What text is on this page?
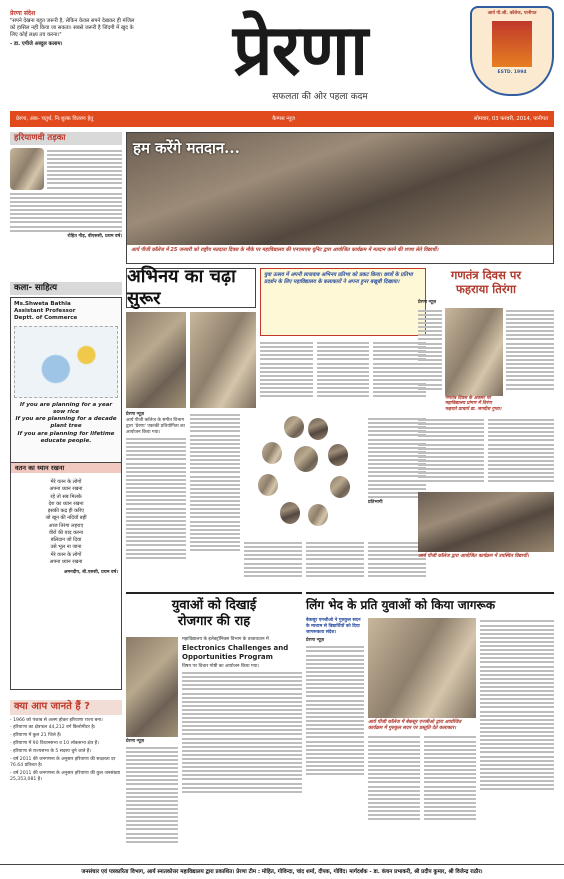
प्रेरणा संदेश
"सपने देखना बहुत जरूरी है, लेकिन केवल सपने देखकर ही मंजिल को हासिल नहीं किया जा सकता। सबसे जरूरी है जिंदगी में खुद के लिए कोई लक्ष्य तय करना।"
- डा. एपीजे अब्दुल कलाम।	प्रेरणा
सफलता की ओर पहला कदम
आर्य पी.जी. कॉलेज, पानीपत
ESTD. 1994
प्रेरणा, अंक- चतुर्थ, नि:शुल्क वितरण हेतु	कैम्पस न्यूज़	सोमवार, 03 फरवरी, 2014, पानीपत
हरियाणवी तड़का
रोहित गौड़, बीएससी, प्रथम वर्ष।
कला- साहित्य
Ms.Shweta Bathla
Assistant Professor
Deptt. of Commerce
If you are planning for a year
sow rice
If you are planning for a decade
plant tree
If you are planning for lifetime
educate people.
वतन का ध्यान रखना
मेरे वतन के लोगों
अपना ध्यान रखना
रहे तो सब मिलके
देश का ध्यान रखना
इसकी कद्र ही करिए
जो खून की नदियाँ बहीं
आज तिरंगा लहराए
वीरों की याद करना
बलिदान जो दिया
उसे भूल ना जाना
मेरे वतन के लोगों
अपना ध्यान रखना
अमनदीप, बी.एससी, प्रथम वर्ष।
क्या आप जानते हैं ?
- 1966 को पंजाब से अलग होकर हरियाणा राज्य बना।
- हरियाणा का क्षेत्रफल 44,212 वर्ग किलोमीटर है।
- हरियाणा में कुल 21 जिले हैं।
- हरियाणा में 90 विधानसभा व 10 लोकसभा क्षेत्र हैं।
- हरियाणा से राज्यसभा के 5 सदस्य चुने जाते हैं।
- वर्ष 2011 की जनगणना के अनुसार हरियाणा की साक्षरता दर 76.64 प्रतिशत है।
- वर्ष 2011 की जनगणना के अनुसार हरियाणा की कुल जनसंख्या 25,353,081 है।
हम करेंगे मतदान...
आर्य पीजी कॉलेज में 25 जनवरी को राष्ट्रीय मतदाता दिवस के मौके पर महाविद्यालय की एनएसएस यूनिट द्वारा आयोजित कार्यक्रम में मतदान करने की शपथ लेते विद्यार्थी।
अभिनय का चढ़ा सुरूर
युवा उत्सव में अपनी लाजवाब अभिनय प्रतिभा को प्रकट किया। छात्रों के प्रतिभा प्रदर्शन के लिए महाविद्यालय के कलाकारों ने अपना हुनर बखूबी दिखाया।
प्रेरणा न्यूज़
आर्य पीजी कॉलेज के संगीत विभाग द्वारा 'प्रेरणा' एकांकी प्रतियोगिता का आयोजन किया गया।
प्रतिभागी
गणतंत्र दिवस पर
फहराया तिरंगा
प्रेरणा न्यूज़
गणतंत्र दिवस के अवसर पर महाविद्यालय प्रांगण में तिरंगा फहराते प्राचार्य डा. जगदीश गुप्ता।
आर्य पीजी कॉलेज द्वारा आयोजित कार्यक्रम में उपस्थित विद्यार्थी।
युवाओं को दिखाई
रोजगार की राह
प्रेरणा न्यूज़
महाविद्यालय के इलेक्ट्रॉनिक्स विभाग के तत्वावधान में
Electronics Challenges and Opportunities Program
विषय पर विचार गोष्ठी का आयोजन किया गया।
लिंग भेद के प्रति युवाओं को किया जागरूक
बेकसूर एनजीओ ने गुरुकुल सदन के माध्यम से विद्यार्थियों को दिया जागरूकता संदेश।
प्रेरणा न्यूज़
आर्य पीजी कॉलेज में बेकसूर एनजीओ द्वारा आयोजित कार्यक्रम में गुरुकुल सदन पर प्रस्तुति देते कलाकार।
जनसंचार एवं पत्रकारिता विभाग, आर्य स्नातकोत्तर महाविद्यालय द्वारा प्रकाशित। प्रेरणा टीम : मोहित, गोविन्दा, चांद शर्मा, दीपक, गोविंद। मार्गदर्शक - डा. कंचन प्रभाकरी, श्री प्रदीप कुमार, श्री विजेन्द्र राठौर।
